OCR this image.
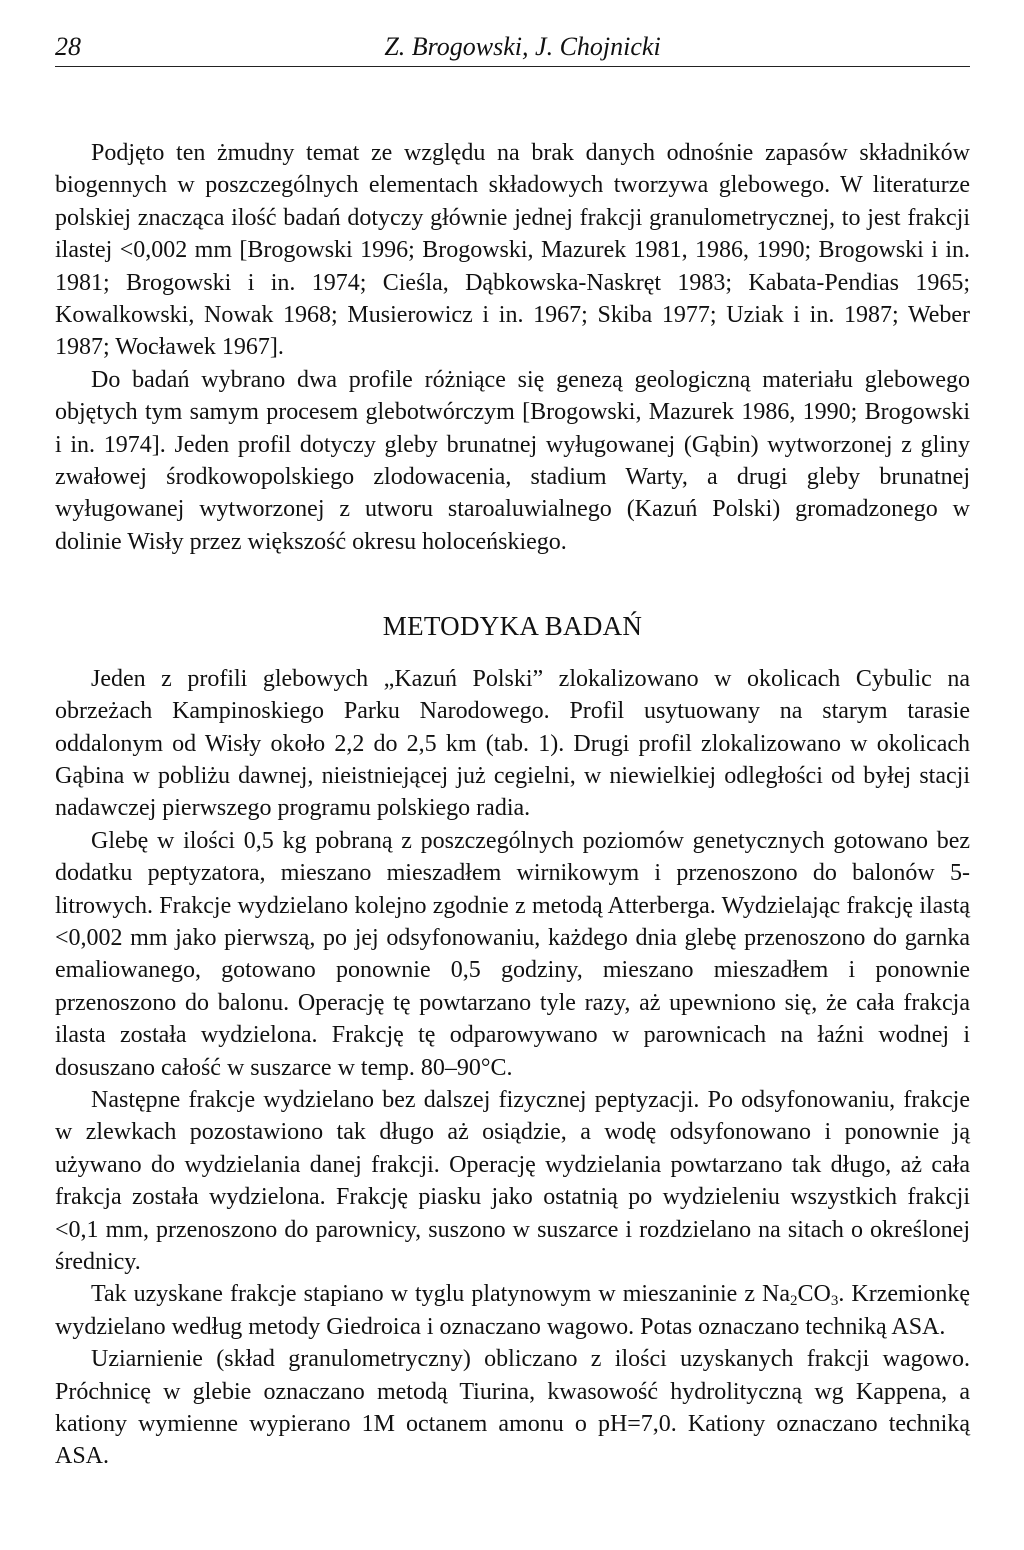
28	Z. Brogowski, J. Chojnicki

Podjęto ten żmudny temat ze względu na brak danych odnośnie zapasów składników biogennych w poszczególnych elementach składowych tworzywa glebowego. W literaturze polskiej znacząca ilość badań dotyczy głównie jednej frakcji granulometrycznej, to jest frakcji ilastej <0,002 mm [Brogowski 1996; Brogowski, Mazurek 1981, 1986, 1990; Brogowski i in. 1981; Brogowski i in. 1974; Cieśla, Dąbkowska-Naskręt 1983; Kabata-Pendias 1965; Kowalkowski, Nowak 1968; Musierowicz i in. 1967; Skiba 1977; Uziak i in. 1987; Weber 1987; Wocławek 1967].

Do badań wybrano dwa profile różniące się genezą geologiczną materiału glebowego objętych tym samym procesem glebotwórczym [Brogowski, Mazurek 1986, 1990; Brogowski i in. 1974]. Jeden profil dotyczy gleby brunatnej wyługowanej (Gąbin) wytworzonej z gliny zwałowej środkowopolskiego zlodowacenia, stadium Warty, a drugi gleby brunatnej wyługowanej wytworzonej z utworu staroaluwialnego (Kazuń Polski) gromadzonego w dolinie Wisły przez większość okresu holoceńskiego.

METODYKA BADAŃ

Jeden z profili glebowych „Kazuń Polski” zlokalizowano w okolicach Cybulic na obrzeżach Kampinoskiego Parku Narodowego. Profil usytuowany na starym tarasie oddalonym od Wisły około 2,2 do 2,5 km (tab. 1). Drugi profil zlokalizowano w okolicach Gąbina w pobliżu dawnej, nieistniejącej już cegielni, w niewielkiej odległości od byłej stacji nadawczej pierwszego programu polskiego radia.

Glebę w ilości 0,5 kg pobraną z poszczególnych poziomów genetycznych gotowano bez dodatku peptyzatora, mieszano mieszadłem wirnikowym i przenoszono do balonów 5-litrowych. Frakcje wydzielano kolejno zgodnie z metodą Atterberga. Wydzielając frakcję ilastą <0,002 mm jako pierwszą, po jej odsyfonowaniu, każdego dnia glebę przenoszono do garnka emaliowanego, gotowano ponownie 0,5 godziny, mieszano mieszadłem i ponownie przenoszono do balonu. Operację tę powtarzano tyle razy, aż upewniono się, że cała frakcja ilasta została wydzielona. Frakcję tę odparowywano w parownicach na łaźni wodnej i dosuszano całość w suszarce w temp. 80–90°C.

Następne frakcje wydzielano bez dalszej fizycznej peptyzacji. Po odsyfonowaniu, frakcje w zlewkach pozostawiono tak długo aż osiądzie, a wodę odsyfonowano i ponownie ją używano do wydzielania danej frakcji. Operację wydzielania powtarzano tak długo, aż cała frakcja została wydzielona. Frakcję piasku jako ostatnią po wydzieleniu wszystkich frakcji <0,1 mm, przenoszono do parownicy, suszono w suszarce i rozdzielano na sitach o określonej średnicy.

Tak uzyskane frakcje stapiano w tyglu platynowym w mieszaninie z $Na_2CO_3$. Krzemionkę wydzielano według metody Giedroica i oznaczano wagowo. Potas oznaczano techniką ASA.

Uziarnienie (skład granulometryczny) obliczano z ilości uzyskanych frakcji wagowo. Próchnicę w glebie oznaczano metodą Tiurina, kwasowość hydrolityczną wg Kappena, a kationy wymienne wypierano 1M octanem amonu o pH=7,0. Kationy oznaczano techniką ASA.
